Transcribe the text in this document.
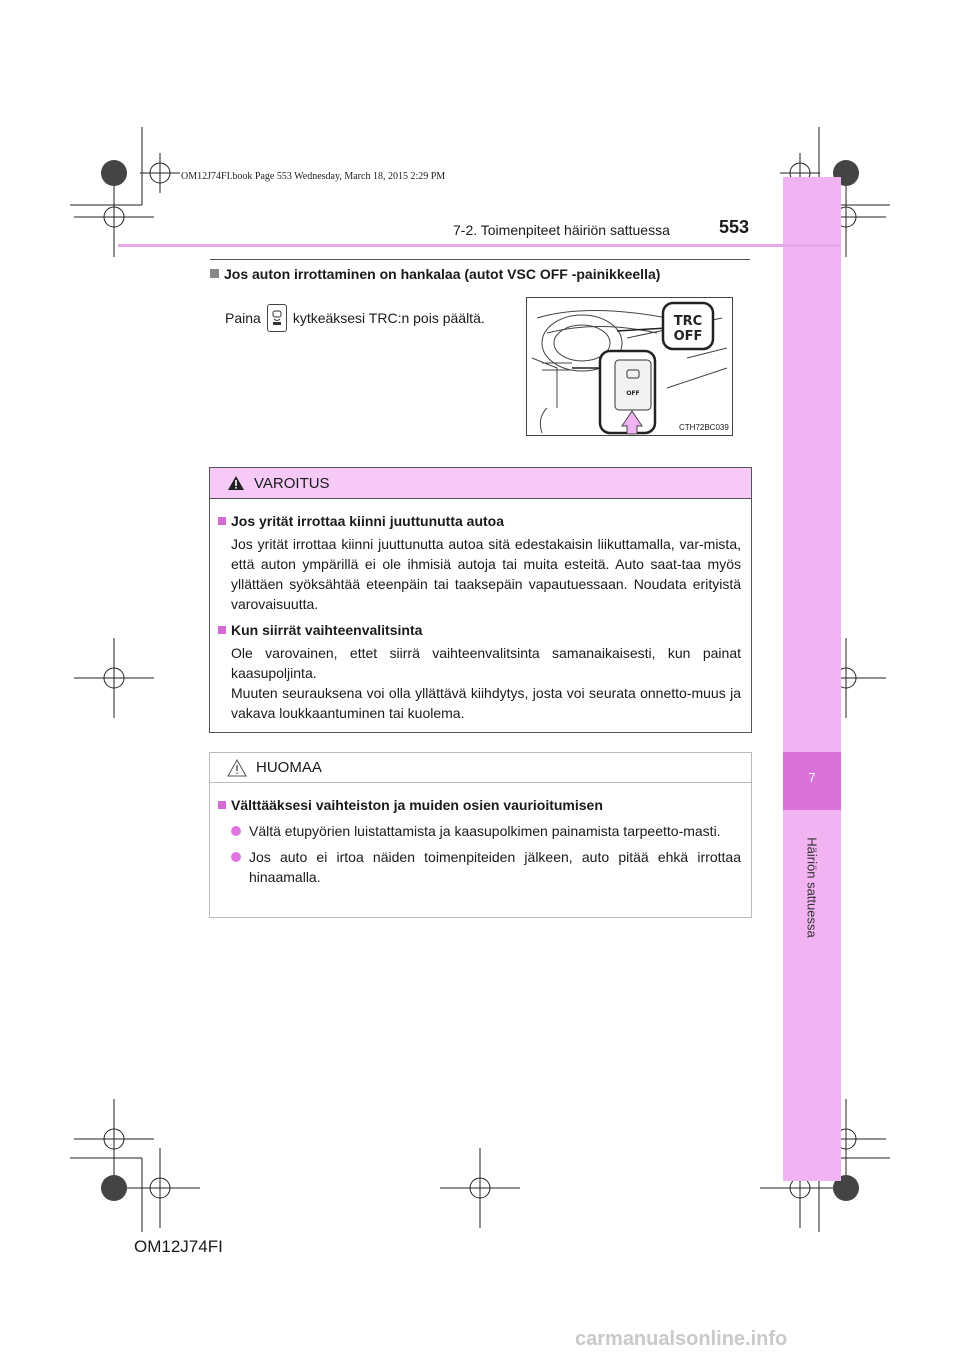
OM12J74FI.book Page 553 Wednesday, March 18, 2015 2:29 PM
7
Häiriön sattuessa
7-2. Toimenpiteet häiriön sattuessa	553
Jos auton irrottaminen on hankalaa (autot VSC OFF -painikkeella)
Paina kytkeäksesi TRC:n pois päältä.	TRC
OFF
OFF
CTH72BC039
VAROITUS
Jos yrität irrottaa kiinni juuttunutta autoa
Jos yrität irrottaa kiinni juuttunutta autoa sitä edestakaisin liikuttamalla, var-mista, että auton ympärillä ei ole ihmisiä autoja tai muita esteitä. Auto saat-taa myös yllättäen syöksähtää eteenpäin tai taaksepäin vapautuessaan. Noudata erityistä varovaisuutta.
Kun siirrät vaihteenvalitsinta
Ole varovainen, ettet siirrä vaihteenvalitsinta samanaikaisesti, kun painat kaasupoljinta.
Muuten seurauksena voi olla yllättävä kiihdytys, josta voi seurata onnetto-muus ja vakava loukkaantuminen tai kuolema.
HUOMAA
Välttääksesi vaihteiston ja muiden osien vaurioitumisen
Vältä etupyörien luistattamista ja kaasupolkimen painamista tarpeetto-masti.
Jos auto ei irtoa näiden toimenpiteiden jälkeen, auto pitää ehkä irrottaa hinaamalla.
OM12J74FI
carmanualsonline.info
